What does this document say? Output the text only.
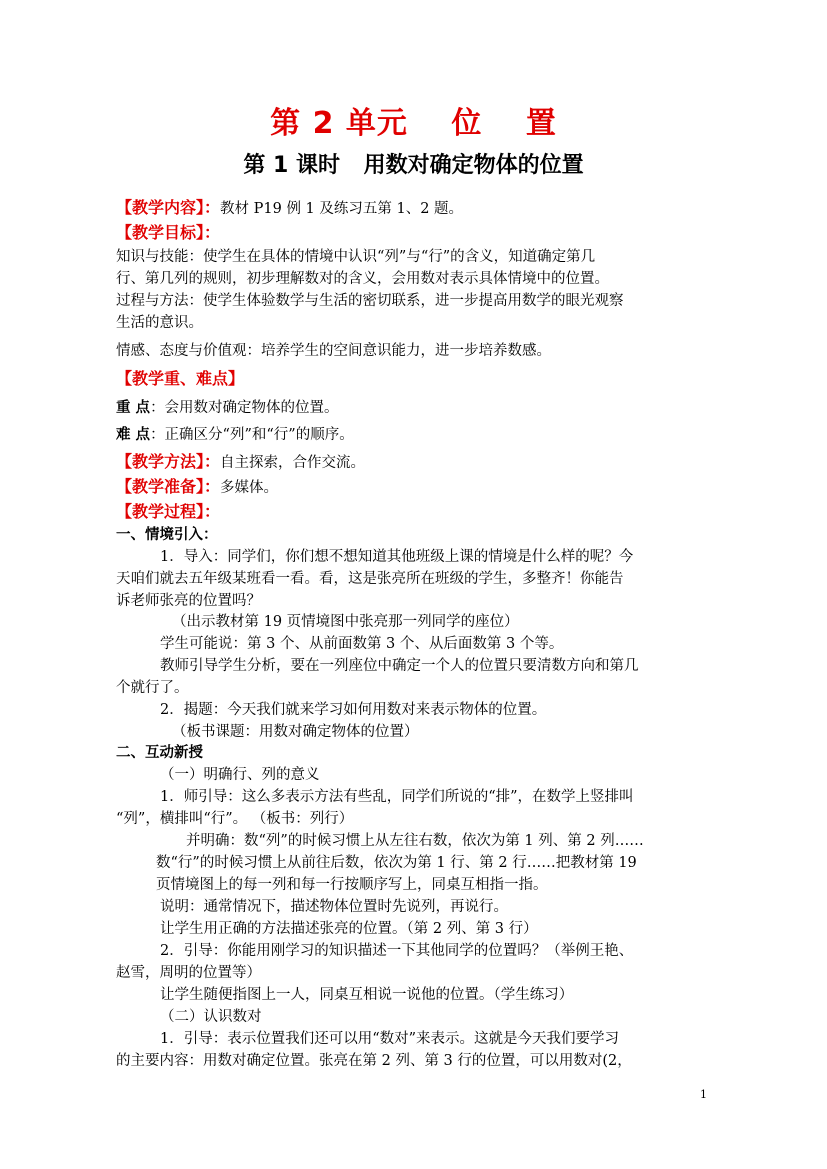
第 2 单元 位 置
第 1 课时 用数对确定物体的位置
【教学内容】：教材 P19 例 1 及练习五第 1、2 题。
【教学目标】：
知识与技能：使学生在具体的情境中认识“列”与“行”的含义，知道确定第几
行、第几列的规则，初步理解数对的含义，会用数对表示具体情境中的位置。
过程与方法：使学生体验数学与生活的密切联系，进一步提高用数学的眼光观察
生活的意识。
情感、态度与价值观：培养学生的空间意识能力，进一步培养数感。
【教学重、难点】
重 点：会用数对确定物体的位置。
难 点：正确区分“列”和“行”的顺序。
【教学方法】：自主探索，合作交流。
【教学准备】：多媒体。
【教学过程】：
一、情境引入：
1．导入：同学们，你们想不想知道其他班级上课的情境是什么样的呢？今
天咱们就去五年级某班看一看。看，这是张亮所在班级的学生，多整齐！你能告
诉老师张亮的位置吗？
（出示教材第 19 页情境图中张亮那一列同学的座位）
学生可能说：第 3 个、从前面数第 3 个、从后面数第 3 个等。
教师引导学生分析，要在一列座位中确定一个人的位置只要清数方向和第几
个就行了。
2．揭题：今天我们就来学习如何用数对来表示物体的位置。
（板书课题：用数对确定物体的位置）
二、互动新授
（一）明确行、列的意义
1．师引导：这么多表示方法有些乱，同学们所说的“排”，在数学上竖排叫
“列”，横排叫“行”。 （板书：列行）
并明确：数“列”的时候习惯上从左往右数，依次为第 1 列、第 2 列……
数“行”的时候习惯上从前往后数，依次为第 1 行、第 2 行……把教材第 19
页情境图上的每一列和每一行按顺序写上，同桌互相指一指。
说明：通常情况下，描述物体位置时先说列，再说行。
让学生用正确的方法描述张亮的位置。（第 2 列、第 3 行）
2．引导：你能用刚学习的知识描述一下其他同学的位置吗？（举例王艳、
赵雪，周明的位置等）
让学生随便指图上一人，同桌互相说一说他的位置。（学生练习）
（二）认识数对
1．引导：表示位置我们还可以用“数对”来表示。这就是今天我们要学习
的主要内容：用数对确定位置。张亮在第 2 列、第 3 行的位置，可以用数对(2，
1
